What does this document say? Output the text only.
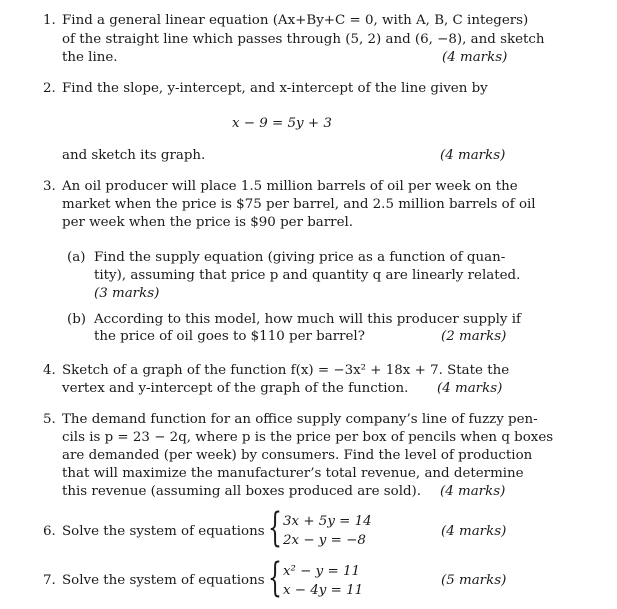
1. Find a general linear equation (Ax+By+C = 0, with A, B, C integers)
of the straight line which passes through (5, 2) and (6, −8), and sketch
the line.	(4 marks)
2. Find the slope, y-intercept, and x-intercept of the line given by
x − 9 = 5y + 3
and sketch its graph.	(4 marks)
3. An oil producer will place 1.5 million barrels of oil per week on the
market when the price is $75 per barrel, and 2.5 million barrels of oil
per week when the price is $90 per barrel.
(a) Find the supply equation (giving price as a function of quan-
tity), assuming that price p and quantity q are linearly related.
(3 marks)
(b) According to this model, how much will this producer supply if
the price of oil goes to $110 per barrel?	(2 marks)
4. Sketch of a graph of the function f(x) = −3x² + 18x + 7. State the
vertex and y-intercept of the graph of the function. (4 marks)
5. The demand function for an office supply company’s line of fuzzy pen-
cils is p = 23 − 2q, where p is the price per box of pencils when q boxes
are demanded (per week) by consumers. Find the level of production
that will maximize the manufacturer’s total revenue, and determine
this revenue (assuming all boxes produced are sold). (4 marks)
6. Solve the system of equations { 3x + 5y = 14
2x − y = −8
(4 marks)
7. Solve the system of equations { x² − y = 11
x − 4y = 11
(5 marks)
